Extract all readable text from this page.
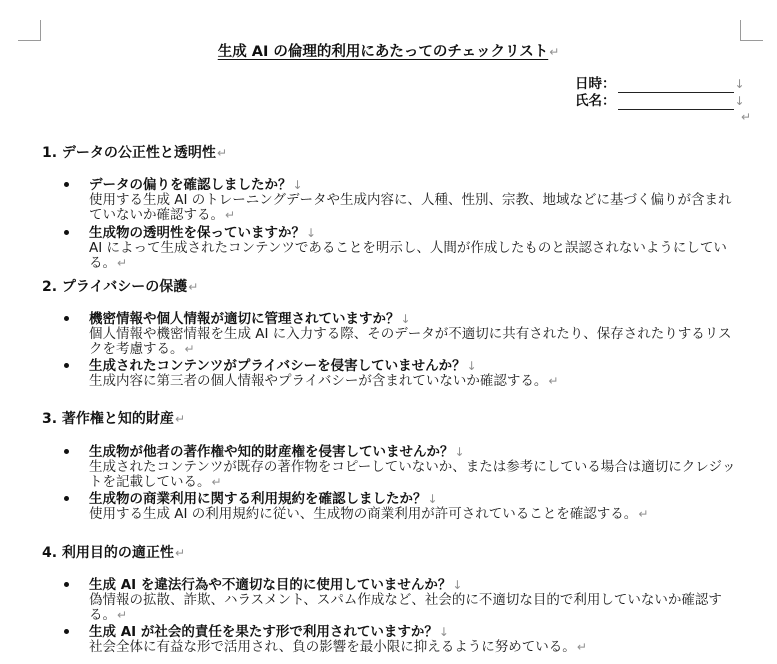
生成 AI の倫理的利用にあたってのチェックリスト↵
日時：	↓
氏名：	↓
↵
1. データの公正性と透明性↵
データの偏りを確認しましたか？↓
使用する生成 AI のトレーニングデータや生成内容に、人種、性別、宗教、地域などに基づく偏りが含まれていないか確認する。↵
生成物の透明性を保っていますか？↓
AI によって生成されたコンテンツであることを明示し、人間が作成したものと誤認されないようにしている。↵
2. プライバシーの保護↵
機密情報や個人情報が適切に管理されていますか？↓
個人情報や機密情報を生成 AI に入力する際、そのデータが不適切に共有されたり、保存されたりするリスクを考慮する。↵
生成されたコンテンツがプライバシーを侵害していませんか？↓
生成内容に第三者の個人情報やプライバシーが含まれていないか確認する。↵
3. 著作権と知的財産↵
生成物が他者の著作権や知的財産権を侵害していませんか？↓
生成されたコンテンツが既存の著作物をコピーしていないか、または参考にしている場合は適切にクレジットを記載している。↵
生成物の商業利用に関する利用規約を確認しましたか？↓
使用する生成 AI の利用規約に従い、生成物の商業利用が許可されていることを確認する。↵
4. 利用目的の適正性↵
生成 AI を違法行為や不適切な目的に使用していませんか？↓
偽情報の拡散、詐欺、ハラスメント、スパム作成など、社会的に不適切な目的で利用していないか確認する。↵
生成 AI が社会的責任を果たす形で利用されていますか？↓
社会全体に有益な形で活用され、負の影響を最小限に抑えるように努めている。↵
